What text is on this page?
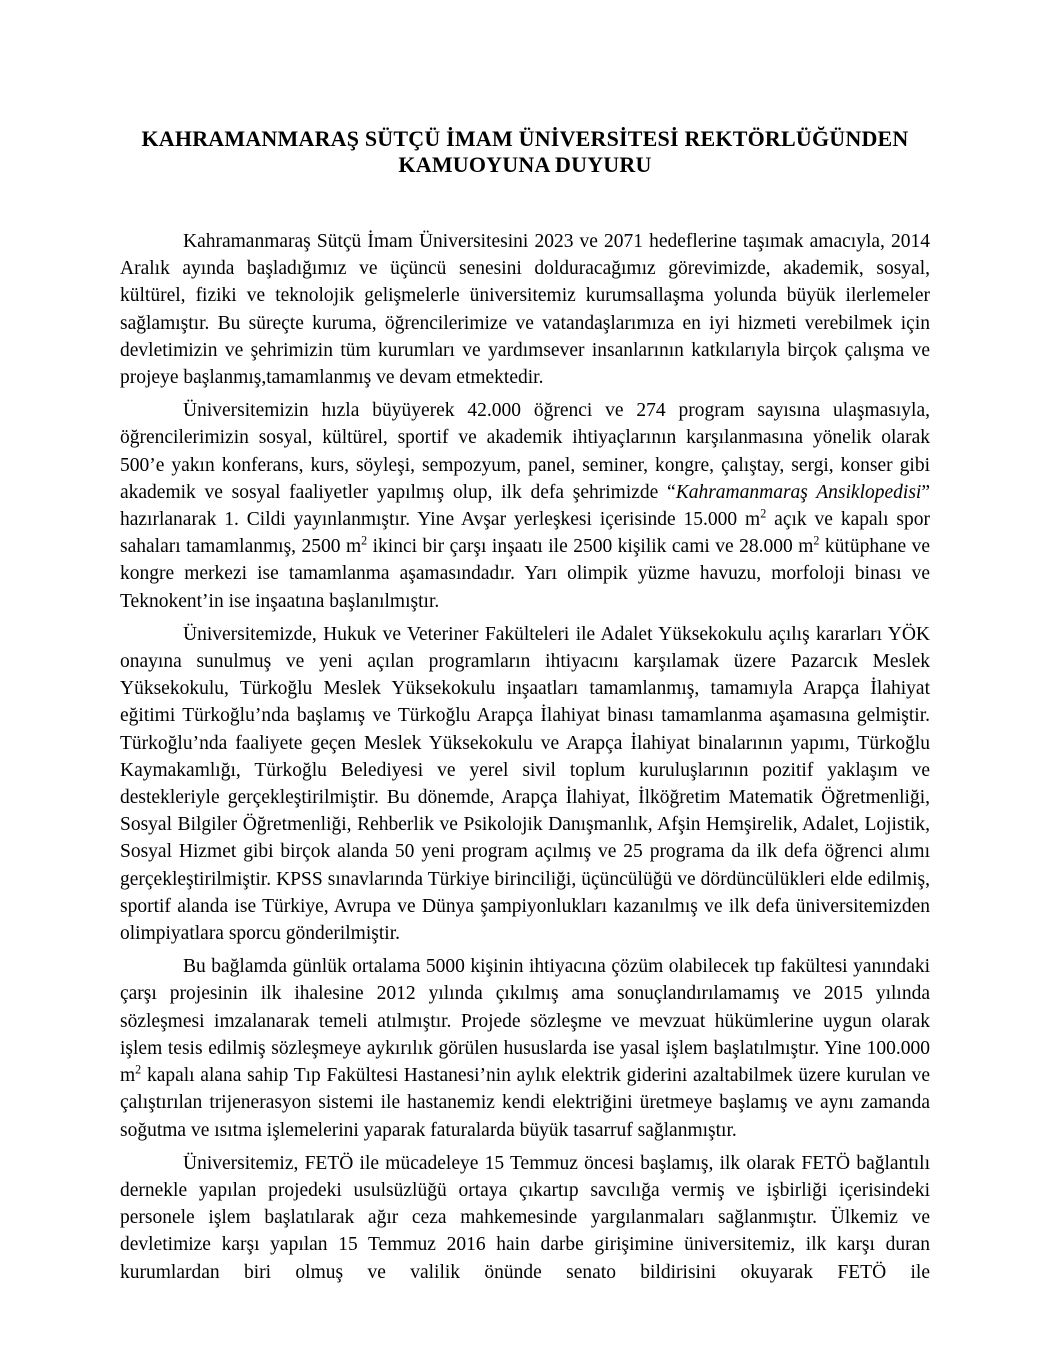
KAHRAMANMARAŞ SÜTÇÜ İMAM ÜNİVERSİTESİ REKTÖRLÜĞÜNDEN
KAMUOYUNA DUYURU

Kahramanmaraş Sütçü İmam Üniversitesini 2023 ve 2071 hedeflerine taşımak amacıyla, 2014 Aralık ayında başladığımız ve üçüncü senesini dolduracağımız görevimizde, akademik, sosyal, kültürel, fiziki ve teknolojik gelişmelerle üniversitemiz kurumsallaşma yolunda büyük ilerlemeler sağlamıştır. Bu süreçte kuruma, öğrencilerimize ve vatandaşlarımıza en iyi hizmeti verebilmek için devletimizin ve şehrimizin tüm kurumları ve yardımsever insanlarının katkılarıyla birçok çalışma ve projeye başlanmış,tamamlanmış ve devam etmektedir.

Üniversitemizin hızla büyüyerek 42.000 öğrenci ve 274 program sayısına ulaşmasıyla, öğrencilerimizin sosyal, kültürel, sportif ve akademik ihtiyaçlarının karşılanmasına yönelik olarak 500’e yakın konferans, kurs, söyleşi, sempozyum, panel, seminer, kongre, çalıştay, sergi, konser gibi akademik ve sosyal faaliyetler yapılmış olup, ilk defa şehrimizde “Kahramanmaraş Ansiklopedisi” hazırlanarak 1. Cildi yayınlanmıştır. Yine Avşar yerleşkesi içerisinde 15.000 $m^2$ açık ve kapalı spor sahaları tamamlanmış, 2500 $m^2$ ikinci bir çarşı inşaatı ile 2500 kişilik cami ve 28.000 $m^2$ kütüphane ve kongre merkezi ise tamamlanma aşamasındadır. Yarı olimpik yüzme havuzu, morfoloji binası ve Teknokent’in ise inşaatına başlanılmıştır.

Üniversitemizde, Hukuk ve Veteriner Fakülteleri ile Adalet Yüksekokulu açılış kararları YÖK onayına sunulmuş ve yeni açılan programların ihtiyacını karşılamak üzere Pazarcık Meslek Yüksekokulu, Türkoğlu Meslek Yüksekokulu inşaatları tamamlanmış, tamamıyla Arapça İlahiyat eğitimi Türkoğlu’nda başlamış ve Türkoğlu Arapça İlahiyat binası tamamlanma aşamasına gelmiştir. Türkoğlu’nda faaliyete geçen Meslek Yüksekokulu ve Arapça İlahiyat binalarının yapımı, Türkoğlu Kaymakamlığı, Türkoğlu Belediyesi ve yerel sivil toplum kuruluşlarının pozitif yaklaşım ve destekleriyle gerçekleştirilmiştir. Bu dönemde, Arapça İlahiyat, İlköğretim Matematik Öğretmenliği, Sosyal Bilgiler Öğretmenliği, Rehberlik ve Psikolojik Danışmanlık, Afşin Hemşirelik, Adalet, Lojistik, Sosyal Hizmet gibi birçok alanda 50 yeni program açılmış ve 25 programa da ilk defa öğrenci alımı gerçekleştirilmiştir. KPSS sınavlarında Türkiye birinciliği, üçüncülüğü ve dördüncülükleri elde edilmiş, sportif alanda ise Türkiye, Avrupa ve Dünya şampiyonlukları kazanılmış ve ilk defa üniversitemizden olimpiyatlara sporcu gönderilmiştir.

Bu bağlamda günlük ortalama 5000 kişinin ihtiyacına çözüm olabilecek tıp fakültesi yanındaki çarşı projesinin ilk ihalesine 2012 yılında çıkılmış ama sonuçlandırılamamış ve 2015 yılında sözleşmesi imzalanarak temeli atılmıştır. Projede sözleşme ve mevzuat hükümlerine uygun olarak işlem tesis edilmiş sözleşmeye aykırılık görülen hususlarda ise yasal işlem başlatılmıştır. Yine 100.000 $m^2$ kapalı alana sahip Tıp Fakültesi Hastanesi’nin aylık elektrik giderini azaltabilmek üzere kurulan ve çalıştırılan trijenerasyon sistemi ile hastanemiz kendi elektriğini üretmeye başlamış ve aynı zamanda soğutma ve ısıtma işlemelerini yaparak faturalarda büyük tasarruf sağlanmıştır.

Üniversitemiz, FETÖ ile mücadeleye 15 Temmuz öncesi başlamış, ilk olarak FETÖ bağlantılı dernekle yapılan projedeki usulsüzlüğü ortaya çıkartıp savcılığa vermiş ve işbirliği içerisindeki personele işlem başlatılarak ağır ceza mahkemesinde yargılanmaları sağlanmıştır. Ülkemiz ve devletimize karşı yapılan 15 Temmuz 2016 hain darbe girişimine üniversitemiz, ilk karşı duran kurumlardan biri olmuş ve valilik önünde senato bildirisini okuyarak FETÖ ile
